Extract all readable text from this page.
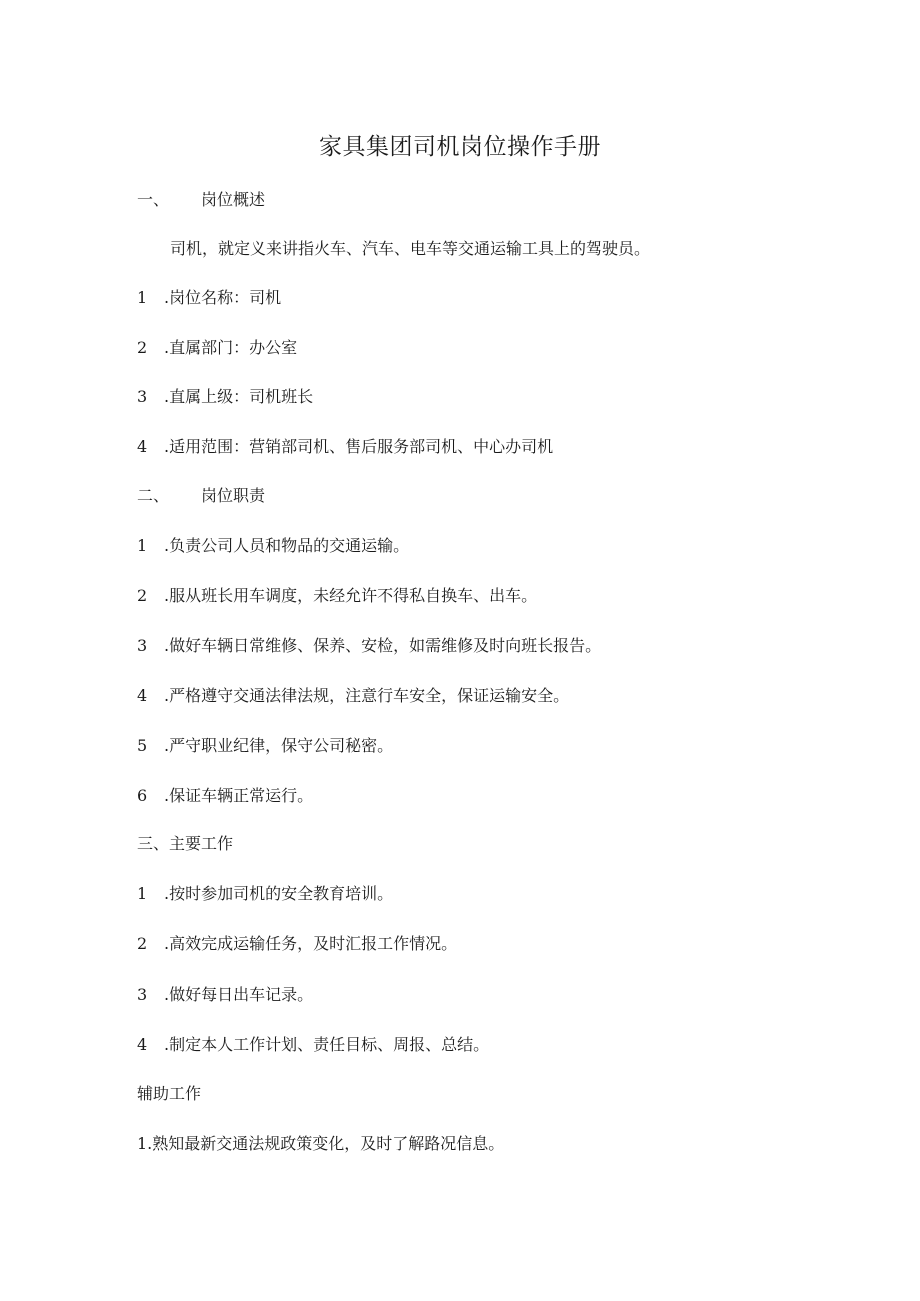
家具集团司机岗位操作手册
一、 岗位概述
司机，就定义来讲指火车、汽车、电车等交通运输工具上的驾驶员。
1 .岗位名称：司机
2 .直属部门：办公室
3 .直属上级：司机班长
4 .适用范围：营销部司机、售后服务部司机、中心办司机
二、 岗位职责
1 .负责公司人员和物品的交通运输。
2 .服从班长用车调度，未经允许不得私自换车、出车。
3 .做好车辆日常维修、保养、安检，如需维修及时向班长报告。
4 .严格遵守交通法律法规，注意行车安全，保证运输安全。
5 .严守职业纪律，保守公司秘密。
6 .保证车辆正常运行。
三、主要工作
1 .按时参加司机的安全教育培训。
2 .高效完成运输任务，及时汇报工作情况。
3 .做好每日出车记录。
4 .制定本人工作计划、责任目标、周报、总结。
辅助工作
1.熟知最新交通法规政策变化，及时了解路况信息。
